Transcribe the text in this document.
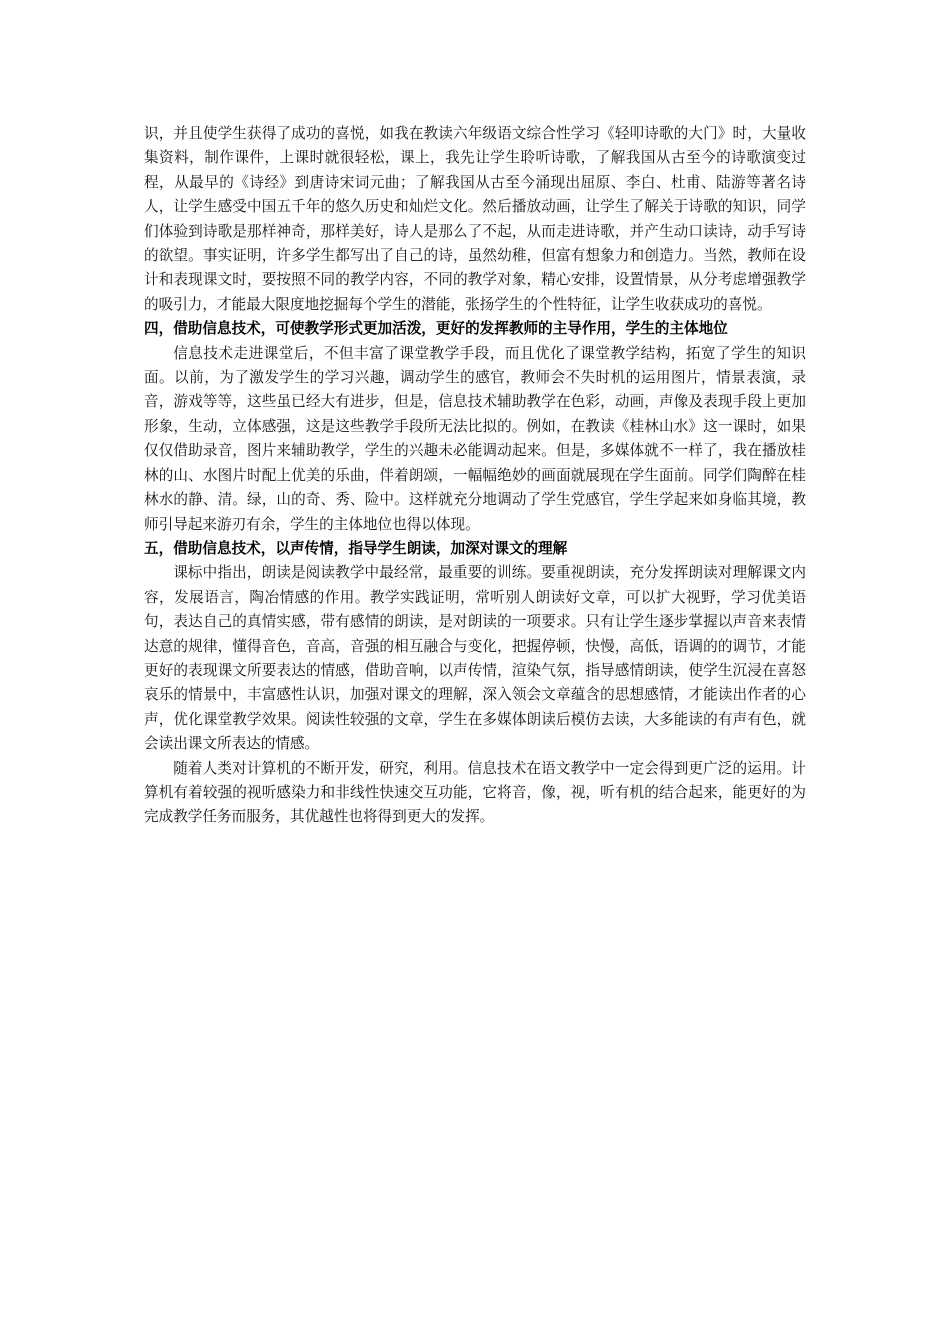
识，并且使学生获得了成功的喜悦，如我在教读六年级语文综合性学习《轻叩诗歌的大门》时，大量收集资料，制作课件，上课时就很轻松，课上，我先让学生聆听诗歌，了解我国从古至今的诗歌演变过程，从最早的《诗经》到唐诗宋词元曲；了解我国从古至今涌现出屈原、李白、杜甫、陆游等著名诗人，让学生感受中国五千年的悠久历史和灿烂文化。然后播放动画，让学生了解关于诗歌的知识，同学们体验到诗歌是那样神奇，那样美好，诗人是那么了不起，从而走进诗歌，并产生动口读诗，动手写诗的欲望。事实证明，许多学生都写出了自己的诗，虽然幼稚，但富有想象力和创造力。当然，教师在设计和表现课文时，要按照不同的教学内容，不同的教学对象，精心安排，设置情景，从分考虑增强教学的吸引力，才能最大限度地挖掘每个学生的潜能，张扬学生的个性特征，让学生收获成功的喜悦。

四，借助信息技术，可使教学形式更加活泼，更好的发挥教师的主导作用，学生的主体地位

信息技术走进课堂后，不但丰富了课堂教学手段，而且优化了课堂教学结构，拓宽了学生的知识面。以前，为了激发学生的学习兴趣，调动学生的感官，教师会不失时机的运用图片，情景表演，录音，游戏等等，这些虽已经大有进步，但是，信息技术辅助教学在色彩，动画，声像及表现手段上更加形象，生动，立体感强，这是这些教学手段所无法比拟的。例如，在教读《桂林山水》这一课时，如果仅仅借助录音，图片来辅助教学，学生的兴趣未必能调动起来。但是，多媒体就不一样了，我在播放桂林的山、水图片时配上优美的乐曲，伴着朗颂，一幅幅绝妙的画面就展现在学生面前。同学们陶醉在桂林水的静、清。绿，山的奇、秀、险中。这样就充分地调动了学生党感官，学生学起来如身临其境，教师引导起来游刃有余，学生的主体地位也得以体现。

五，借助信息技术，以声传情，指导学生朗读，加深对课文的理解

课标中指出，朗读是阅读教学中最经常，最重要的训练。要重视朗读，充分发挥朗读对理解课文内容，发展语言，陶冶情感的作用。教学实践证明，常听别人朗读好文章，可以扩大视野，学习优美语句，表达自己的真情实感，带有感情的朗读，是对朗读的一项要求。只有让学生逐步掌握以声音来表情达意的规律，懂得音色，音高，音强的相互融合与变化，把握停顿，快慢，高低，语调的的调节，才能更好的表现课文所要表达的情感，借助音响，以声传情，渲染气氛，指导感情朗读，使学生沉浸在喜怒哀乐的情景中，丰富感性认识，加强对课文的理解，深入领会文章蕴含的思想感情，才能读出作者的心声，优化课堂教学效果。阅读性较强的文章，学生在多媒体朗读后模仿去读，大多能读的有声有色，就会读出课文所表达的情感。

随着人类对计算机的不断开发，研究，利用。信息技术在语文教学中一定会得到更广泛的运用。计算机有着较强的视听感染力和非线性快速交互功能，它将音，像，视，听有机的结合起来，能更好的为完成教学任务而服务，其优越性也将得到更大的发挥。
